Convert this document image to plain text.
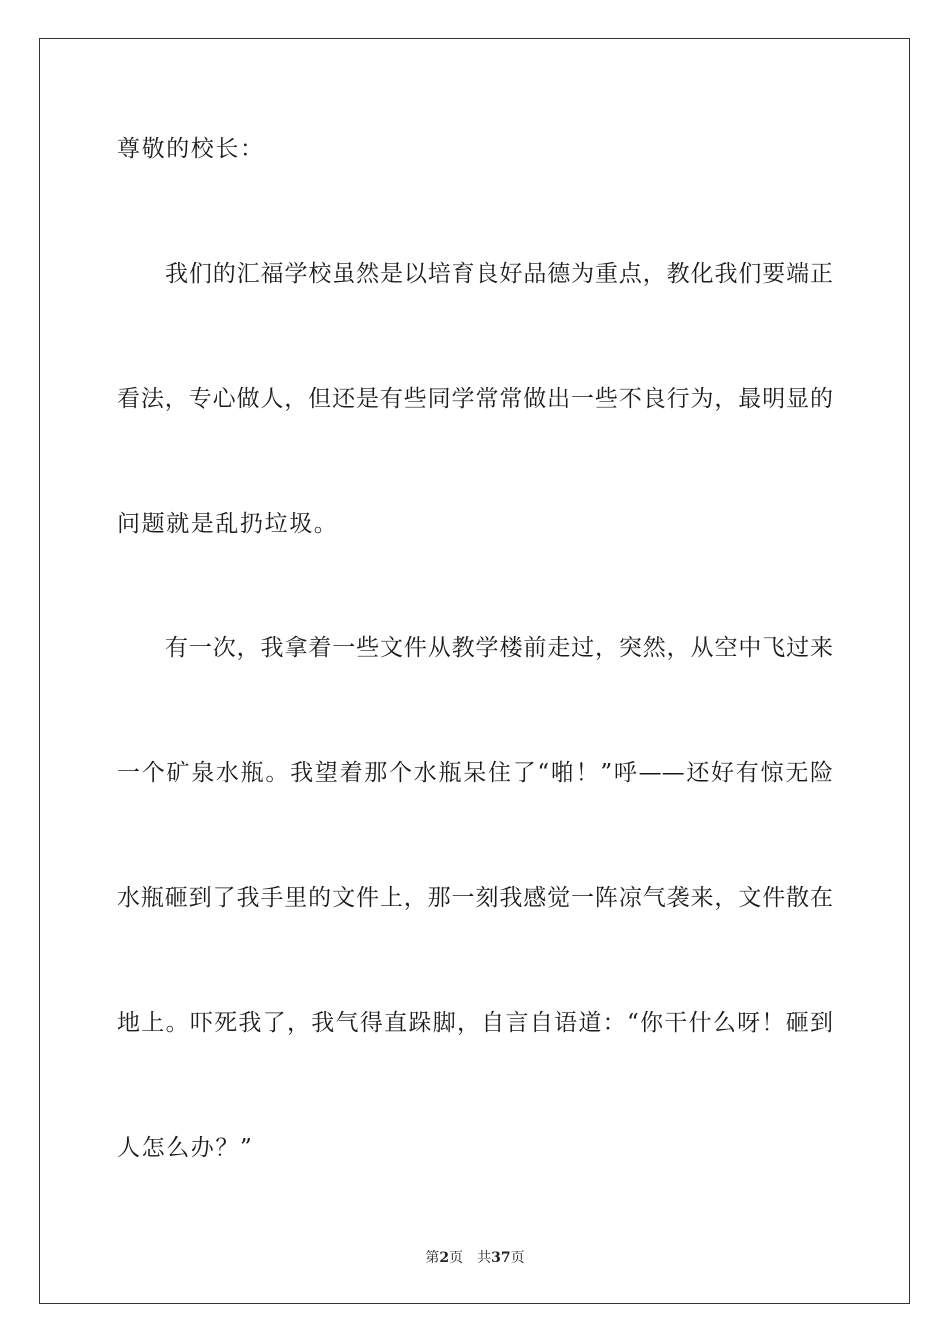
尊敬的校长：
我们的汇福学校虽然是以培育良好品德为重点，教化我们要端正
看法，专心做人，但还是有些同学常常做出一些不良行为，最明显的
问题就是乱扔垃圾。
有一次，我拿着一些文件从教学楼前走过，突然，从空中飞过来
一个矿泉水瓶。我望着那个水瓶呆住了“啪！”呼——还好有惊无险
水瓶砸到了我手里的文件上，那一刻我感觉一阵凉气袭来，文件散在
地上。吓死我了，我气得直跺脚，自言自语道：“你干什么呀！砸到
人怎么办？”
第2页 共37页
